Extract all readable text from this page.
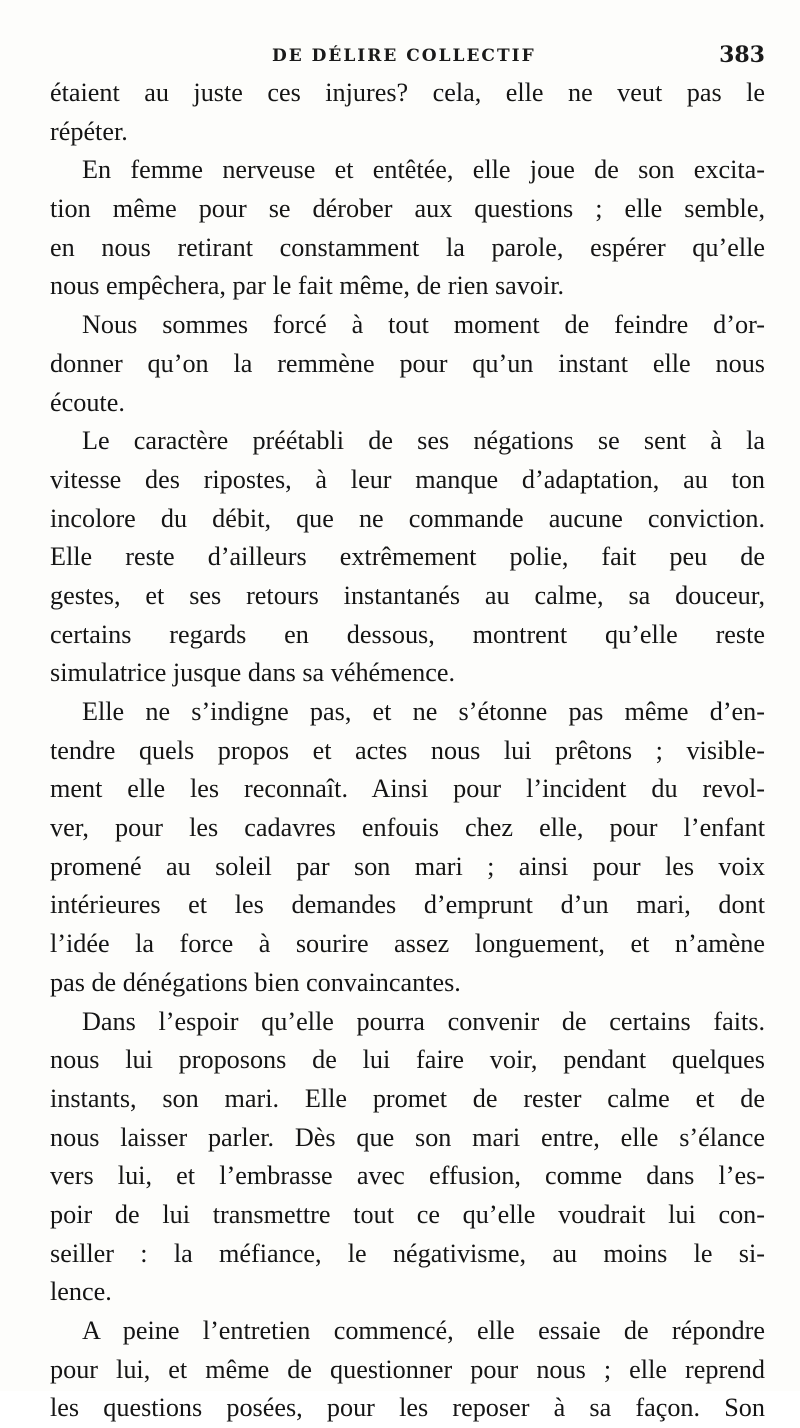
DE DÉLIRE COLLECTIF	383
étaient au juste ces injures? cela, elle ne veut pas le
répéter.
En femme nerveuse et entêtée, elle joue de son excita-
tion même pour se dérober aux questions ; elle semble,
en nous retirant constamment la parole, espérer qu’elle
nous empêchera, par le fait même, de rien savoir.
Nous sommes forcé à tout moment de feindre d’or-
donner qu’on la remmène pour qu’un instant elle nous
écoute.
Le caractère préétabli de ses négations se sent à la
vitesse des ripostes, à leur manque d’adaptation, au ton
incolore du débit, que ne commande aucune conviction.
Elle reste d’ailleurs extrêmement polie, fait peu de
gestes, et ses retours instantanés au calme, sa douceur,
certains regards en dessous, montrent qu’elle reste
simulatrice jusque dans sa véhémence.
Elle ne s’indigne pas, et ne s’étonne pas même d’en-
tendre quels propos et actes nous lui prêtons ; visible-
ment elle les reconnaît. Ainsi pour l’incident du revol-
ver, pour les cadavres enfouis chez elle, pour l’enfant
promené au soleil par son mari ; ainsi pour les voix
intérieures et les demandes d’emprunt d’un mari, dont
l’idée la force à sourire assez longuement, et n’amène
pas de dénégations bien convaincantes.
Dans l’espoir qu’elle pourra convenir de certains faits.
nous lui proposons de lui faire voir, pendant quelques
instants, son mari. Elle promet de rester calme et de
nous laisser parler. Dès que son mari entre, elle s’élance
vers lui, et l’embrasse avec effusion, comme dans l’es-
poir de lui transmettre tout ce qu’elle voudrait lui con-
seiller : la méfiance, le négativisme, au moins le si-
lence.
A peine l’entretien commencé, elle essaie de répondre
pour lui, et même de questionner pour nous ; elle reprend
les questions posées, pour les reposer à sa façon. Son
